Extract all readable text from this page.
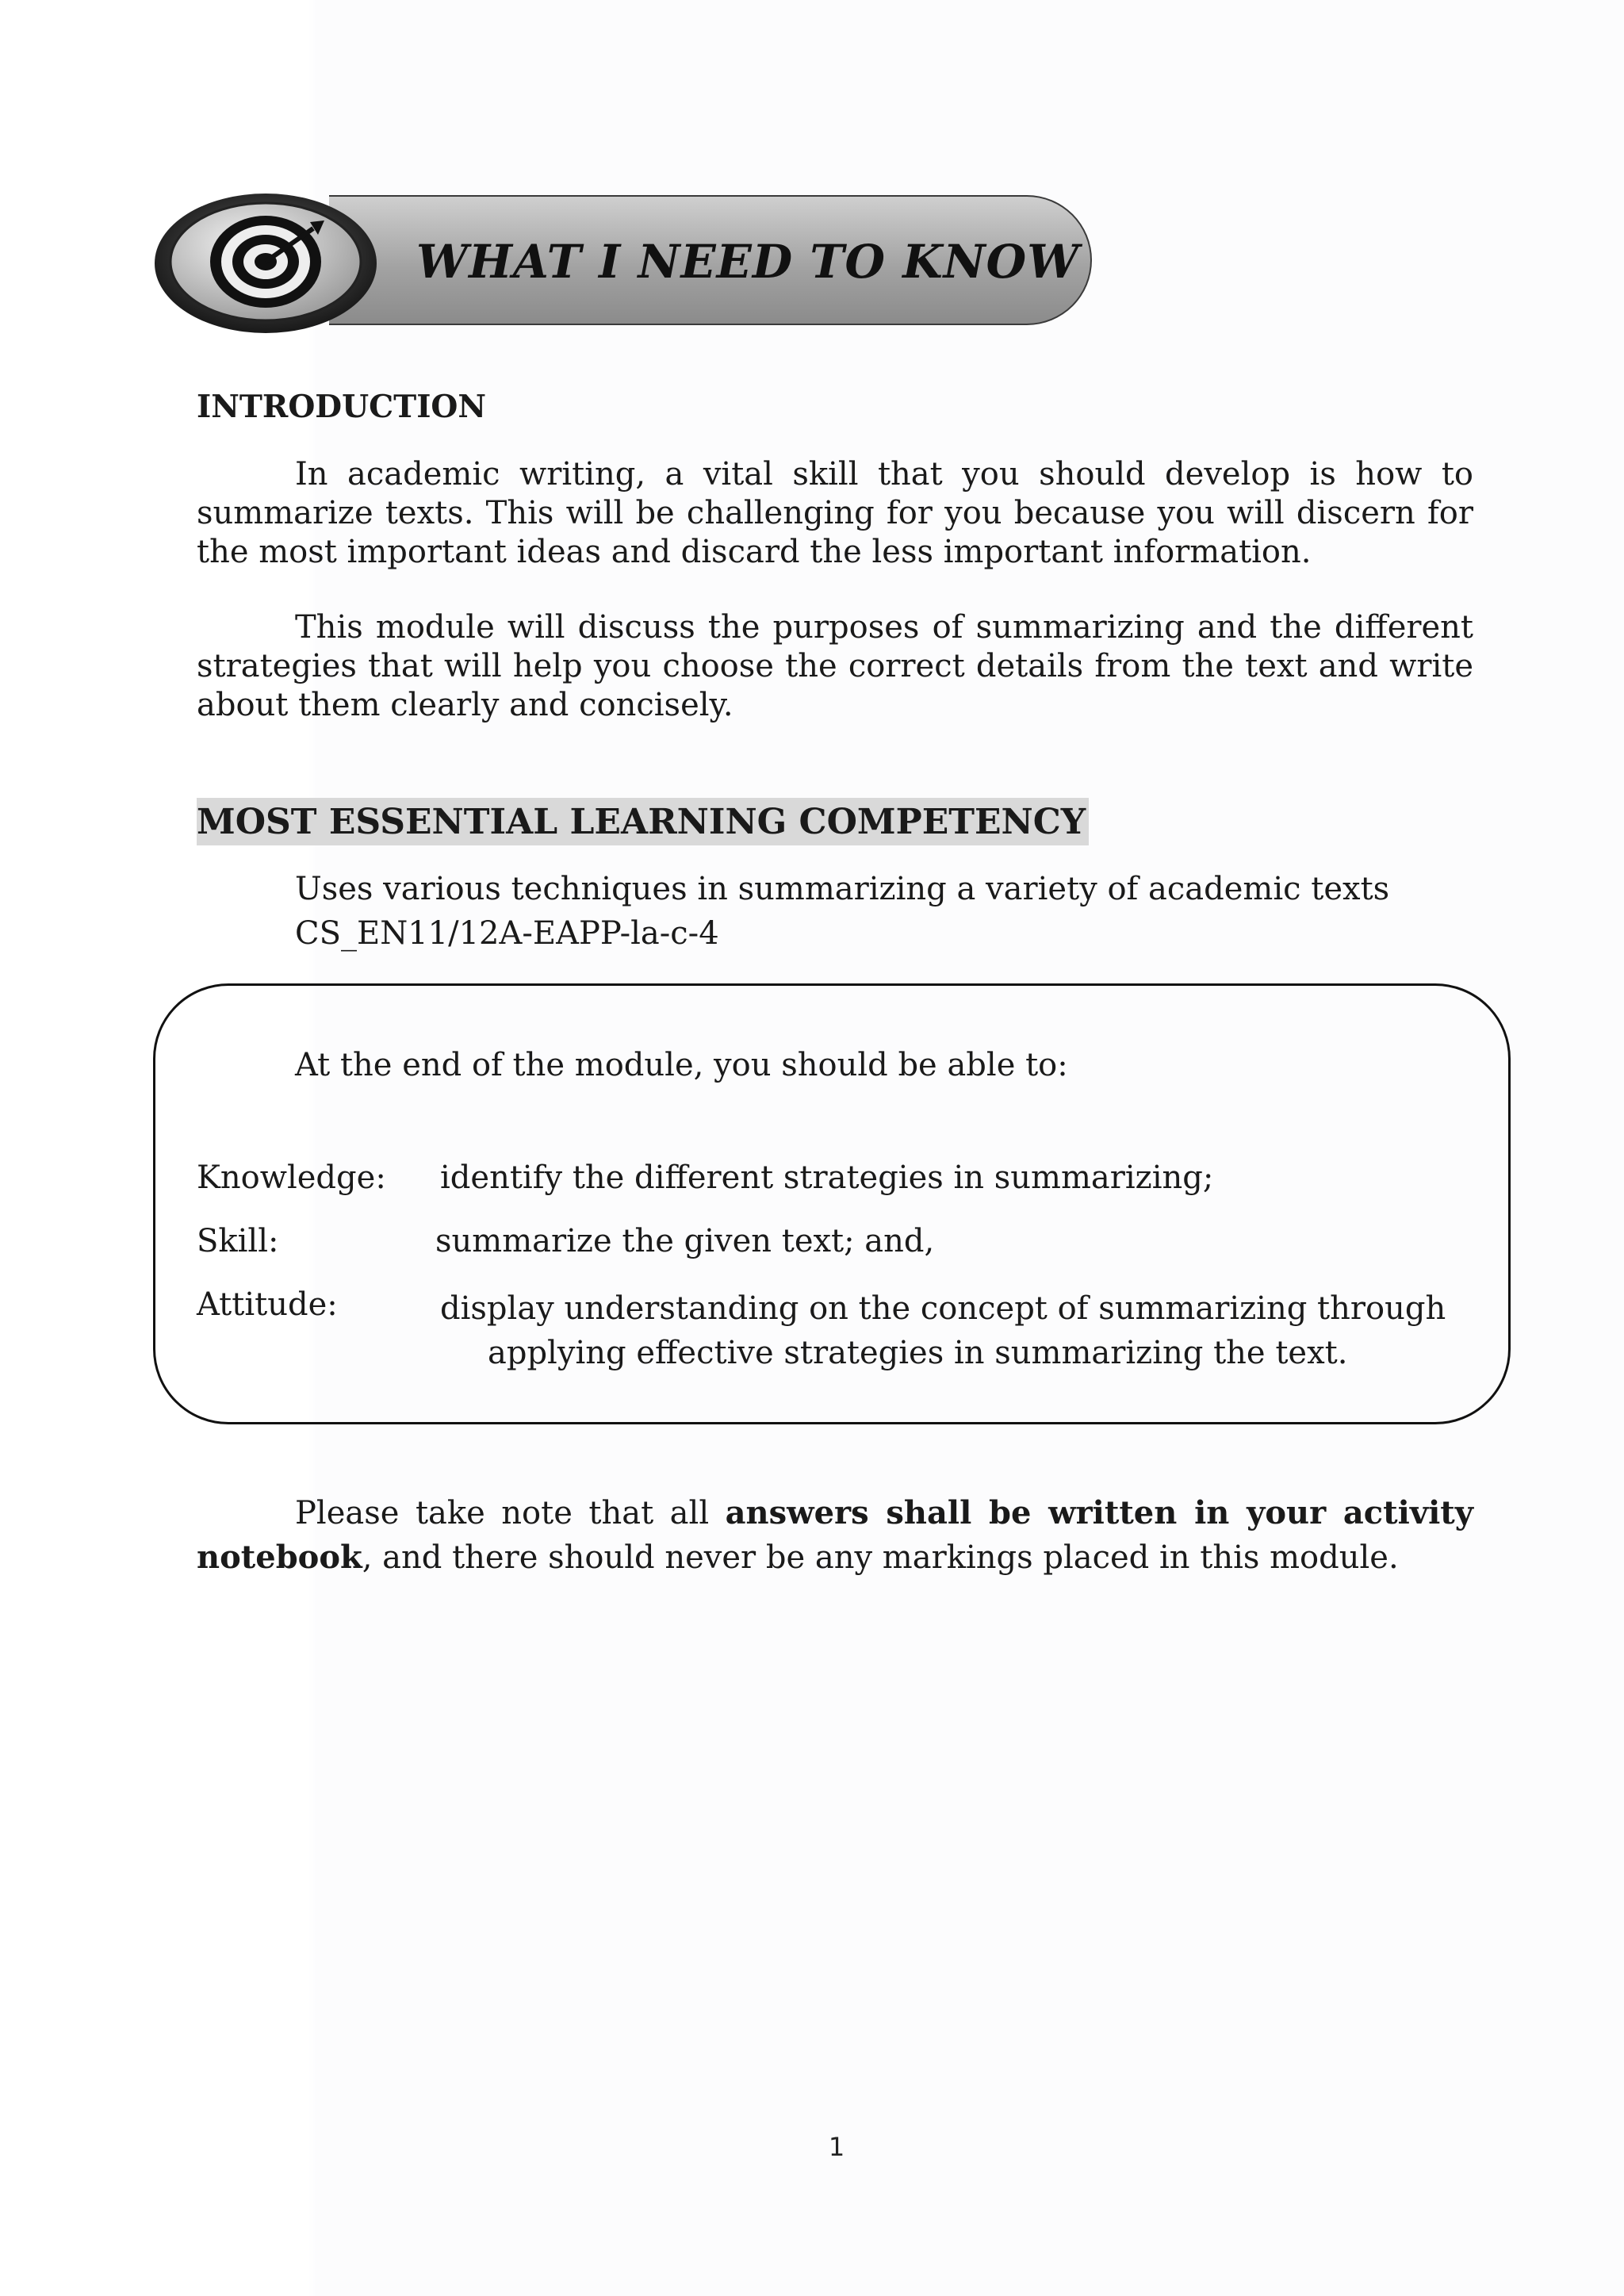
WHAT I NEED TO KNOW
INTRODUCTION

In academic writing, a vital skill that you should develop is how to summarize texts. This will be challenging for you because you will discern for the most important ideas and discard the less important information.

This module will discuss the purposes of summarizing and the different strategies that will help you choose the correct details from the text and write about them clearly and concisely.

MOST ESSENTIAL LEARNING COMPETENCY
Uses various techniques in summarizing a variety of academic texts
CS_EN11/12A-EAPP-la-c-4
At the end of the module, you should be able to:
Knowledge: identify the different strategies in summarizing;
Skill:	summarize the given text; and,
Attitude:	display understanding on the concept of summarizing through
applying effective strategies in summarizing the text.

Please take note that all answers shall be written in your activity notebook, and there should never be any markings placed in this module.

1
